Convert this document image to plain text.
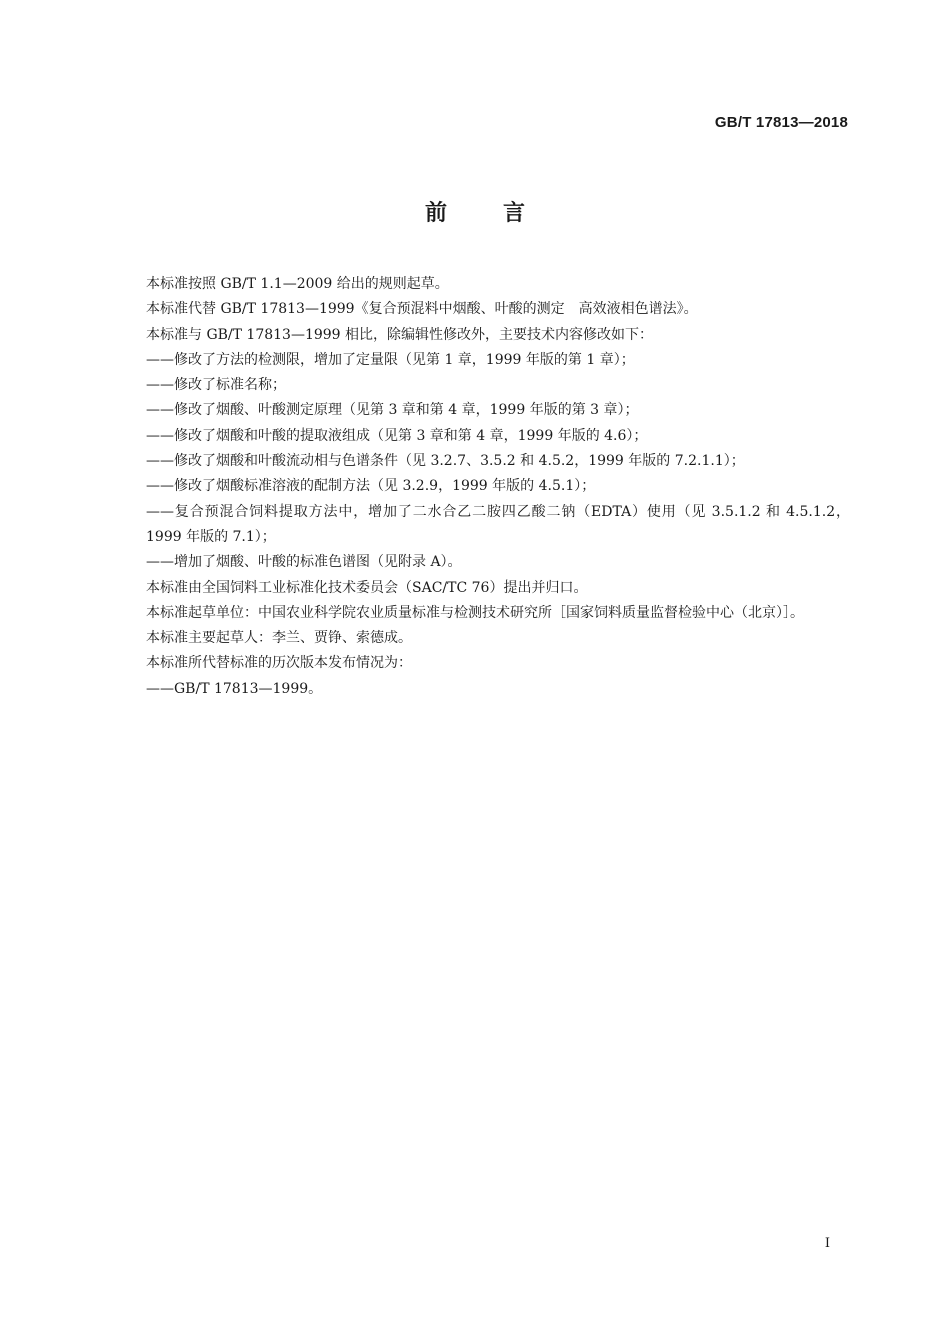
GB/T 17813—2018
前言

本标准按照 GB/T 1.1—2009 给出的规则起草。

本标准代替 GB/T 17813—1999《复合预混料中烟酸、叶酸的测定　高效液相色谱法》。

本标准与 GB/T 17813—1999 相比，除编辑性修改外，主要技术内容修改如下：

——修改了方法的检测限，增加了定量限（见第 1 章，1999 年版的第 1 章）；

——修改了标准名称；

——修改了烟酸、叶酸测定原理（见第 3 章和第 4 章，1999 年版的第 3 章）；

——修改了烟酸和叶酸的提取液组成（见第 3 章和第 4 章，1999 年版的 4.6）；

——修改了烟酸和叶酸流动相与色谱条件（见 3.2.7、3.5.2 和 4.5.2，1999 年版的 7.2.1.1）；

——修改了烟酸标准溶液的配制方法（见 3.2.9，1999 年版的 4.5.1）；

——复合预混合饲料提取方法中，增加了二水合乙二胺四乙酸二钠（EDTA）使用（见 3.5.1.2 和 4.5.1.2，1999 年版的 7.1）；

——增加了烟酸、叶酸的标准色谱图（见附录 A）。

本标准由全国饲料工业标准化技术委员会（SAC/TC 76）提出并归口。

本标准起草单位：中国农业科学院农业质量标准与检测技术研究所［国家饲料质量监督检验中心（北京）］。

本标准主要起草人：李兰、贾铮、索德成。

本标准所代替标准的历次版本发布情况为：

——GB/T 17813—1999。

I
